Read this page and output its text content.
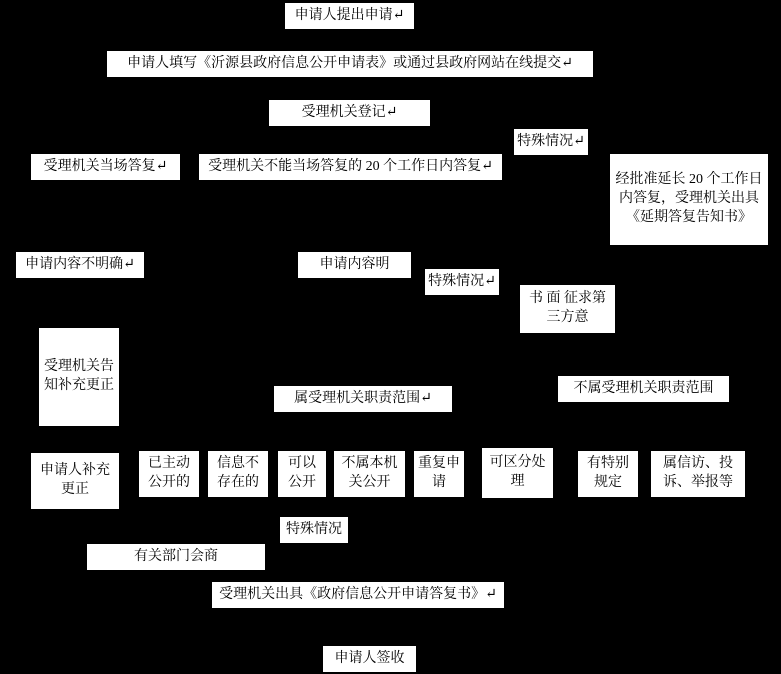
申请人提出申请↵
申请人填写《沂源县政府信息公开申请表》或通过县政府网站在线提交↵
受理机关登记↵
特殊情况↵
受理机关当场答复↵	受理机关不能当场答复的 20 个工作日内答复↵
经批准延长 20 个工作日内答复，受理机关出具《延期答复告知书》
申请内容不明确↵	申请内容明
特殊情况↵
书 面 征求第三方意
受理机关告知补充更正
属受理机关职责范围↵
不属受理机关职责范围
申请人补充更正
已主动公开的
信息不存在的
可以公开
不属本机关公开
重复申请
可区分处理
有特别规定
属信访、投诉、举报等
特殊情况
有关部门会商
受理机关出具《政府信息公开申请答复书》↵
申请人签收
